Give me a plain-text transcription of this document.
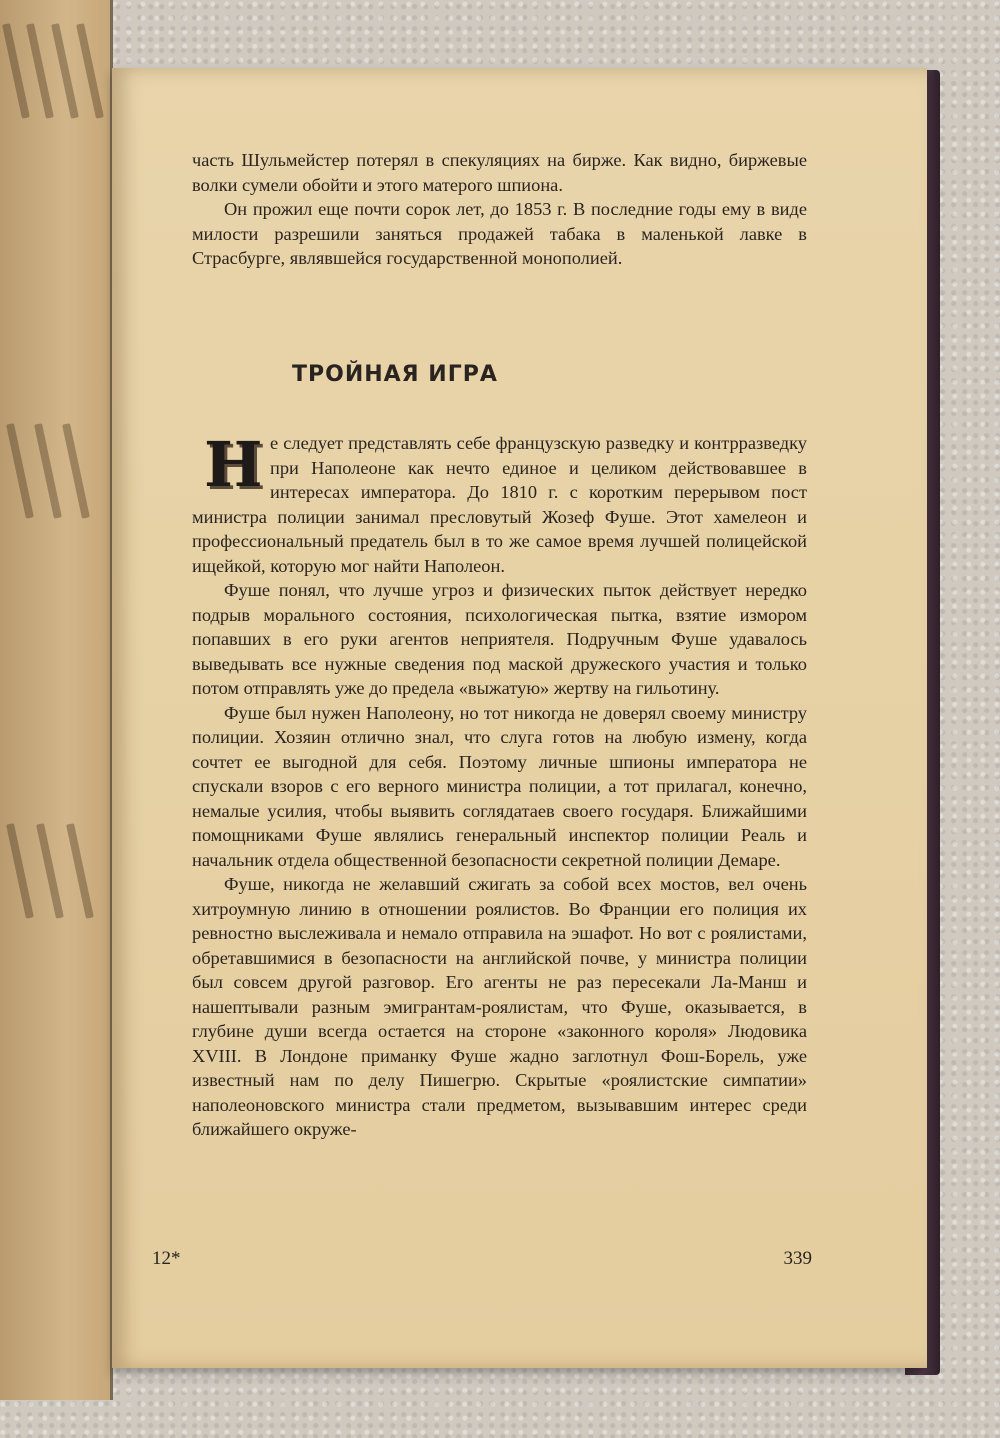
часть Шульмейстер потерял в спекуляциях на бирже. Как видно, биржевые волки сумели обойти и этого матерого шпиона.

Он прожил еще почти сорок лет, до 1853 г. В последние годы ему в виде милости разрешили заняться продажей табака в маленькой лавке в Страсбурге, являвшейся государственной монополией.

ТРОЙНАЯ ИГРА

Не следует представлять себе французскую разведку и контрразведку при Наполеоне как нечто единое и целиком действовавшее в интересах императора. До 1810 г. с коротким перерывом пост министра полиции занимал пресловутый Жозеф Фуше. Этот хамелеон и профессиональный предатель был в то же самое время лучшей полицейской ищейкой, которую мог найти Наполеон.

Фуше понял, что лучше угроз и физических пыток действует нередко подрыв морального состояния, психологическая пытка, взятие измором попавших в его руки агентов неприятеля. Подручным Фуше удавалось выведывать все нужные сведения под маской дружеского участия и только потом отправлять уже до предела «выжатую» жертву на гильотину.

Фуше был нужен Наполеону, но тот никогда не доверял своему министру полиции. Хозяин отлично знал, что слуга готов на любую измену, когда сочтет ее выгодной для себя. Поэтому личные шпионы императора не спускали взоров с его верного министра полиции, а тот прилагал, конечно, немалые усилия, чтобы выявить соглядатаев своего государя. Ближайшими помощниками Фуше являлись генеральный инспектор полиции Реаль и начальник отдела общественной безопасности секретной полиции Демаре.

Фуше, никогда не желавший сжигать за собой всех мостов, вел очень хитроумную линию в отношении роялистов. Во Франции его полиция их ревностно выслеживала и немало отправила на эшафот. Но вот с роялистами, обретавшимися в безопасности на английской почве, у министра полиции был совсем другой разговор. Его агенты не раз пересекали Ла-Манш и нашептывали разным эмигрантам-роялистам, что Фуше, оказывается, в глубине души всегда остается на стороне «законного короля» Людовика XVIII. В Лондоне приманку Фуше жадно заглотнул Фош-Борель, уже известный нам по делу Пишегрю. Скрытые «роялистские симпатии» наполеоновского министра стали предметом, вызывавшим интерес среди ближайшего окруже-

12*	339
